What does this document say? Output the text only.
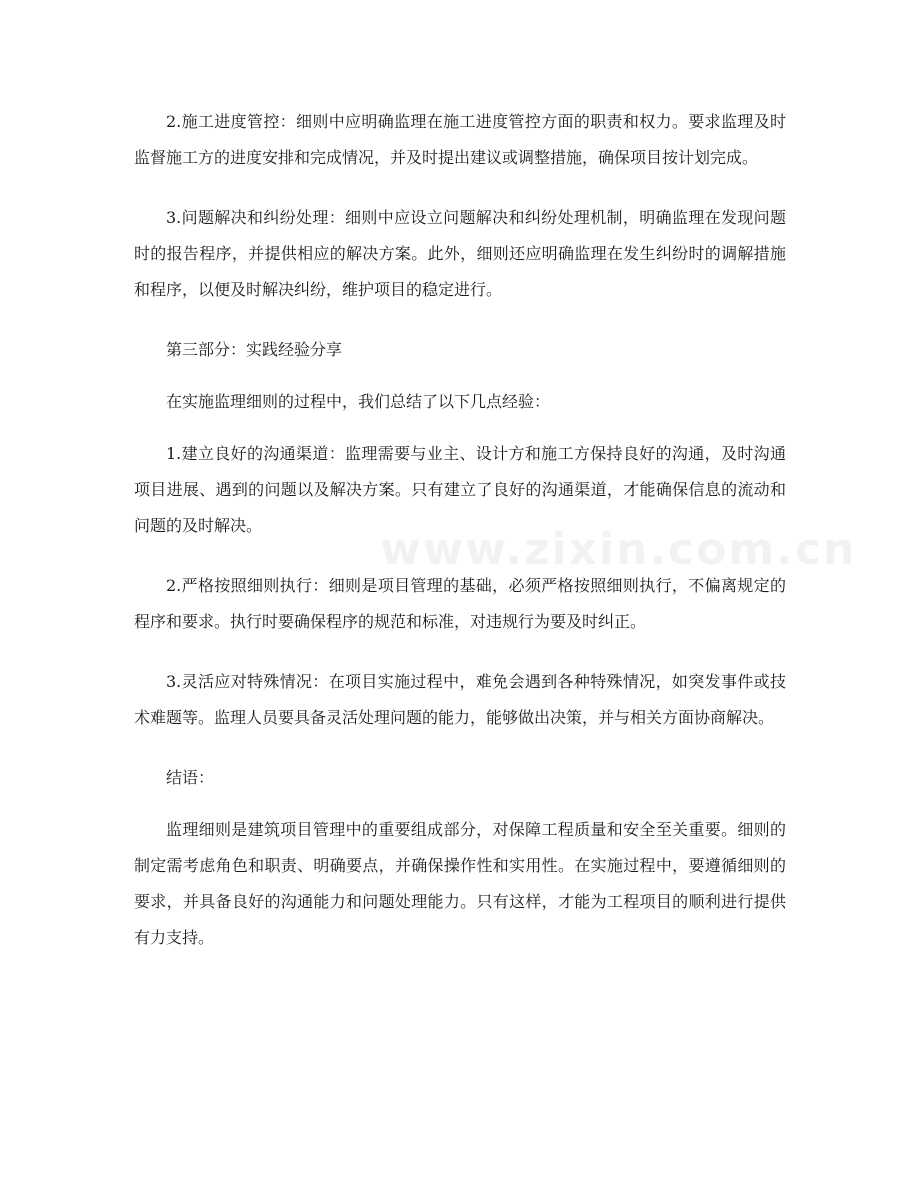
2.施工进度管控：细则中应明确监理在施工进度管控方面的职责和权力。要求监理及时监督施工方的进度安排和完成情况，并及时提出建议或调整措施，确保项目按计划完成。

3.问题解决和纠纷处理：细则中应设立问题解决和纠纷处理机制，明确监理在发现问题时的报告程序，并提供相应的解决方案。此外，细则还应明确监理在发生纠纷时的调解措施和程序，以便及时解决纠纷，维护项目的稳定进行。

第三部分：实践经验分享

在实施监理细则的过程中，我们总结了以下几点经验：

1.建立良好的沟通渠道：监理需要与业主、设计方和施工方保持良好的沟通，及时沟通项目进展、遇到的问题以及解决方案。只有建立了良好的沟通渠道，才能确保信息的流动和问题的及时解决。

2.严格按照细则执行：细则是项目管理的基础，必须严格按照细则执行，不偏离规定的程序和要求。执行时要确保程序的规范和标准，对违规行为要及时纠正。

3.灵活应对特殊情况：在项目实施过程中，难免会遇到各种特殊情况，如突发事件或技术难题等。监理人员要具备灵活处理问题的能力，能够做出决策，并与相关方面协商解决。

结语：

监理细则是建筑项目管理中的重要组成部分，对保障工程质量和安全至关重要。细则的制定需考虑角色和职责、明确要点，并确保操作性和实用性。在实施过程中，要遵循细则的要求，并具备良好的沟通能力和问题处理能力。只有这样，才能为工程项目的顺利进行提供有力支持。

www.zixin.com.cn
